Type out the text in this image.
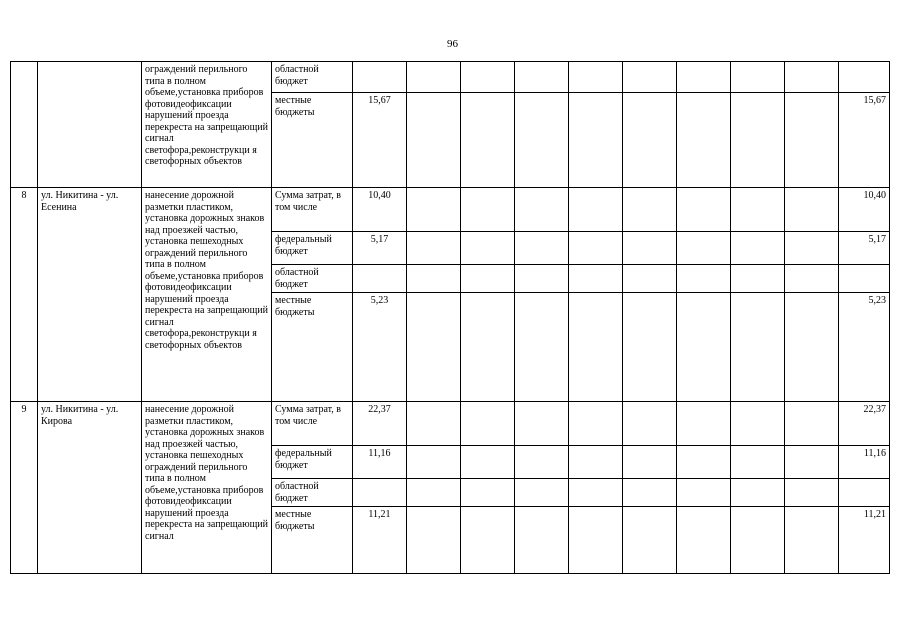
96
		ограждений перильного типа в полном объеме,установка приборов фотовидеофиксации нарушений проезда перекреста на запрещающий сигнал светофора,реконструкци я светофорных объектов	областной бюджет										
			местные бюджеты	15,67									15,67
8	ул. Никитина - ул. Есенина	нанесение дорожной разметки пластиком, установка дорожных знаков над проезжей частью, установка пешеходных ограждений перильного типа в полном объеме,установка приборов фотовидеофиксации нарушений проезда перекреста на запрещающий сигнал светофора,реконструкци я светофорных объектов	Сумма затрат, в том числе	10,40									10,40
			федеральный бюджет	5,17									5,17
			областной бюджет										
			местные бюджеты	5,23									5,23
9	ул. Никитина - ул. Кирова	нанесение дорожной разметки пластиком, установка дорожных знаков над проезжей частью, установка пешеходных ограждений перильного типа в полном объеме,установка приборов фотовидеофиксации нарушений проезда перекреста на запрещающий сигнал	Сумма затрат, в том числе	22,37									22,37
			федеральный бюджет	11,16									11,16
			областной бюджет										
			местные бюджеты	11,21									11,21
